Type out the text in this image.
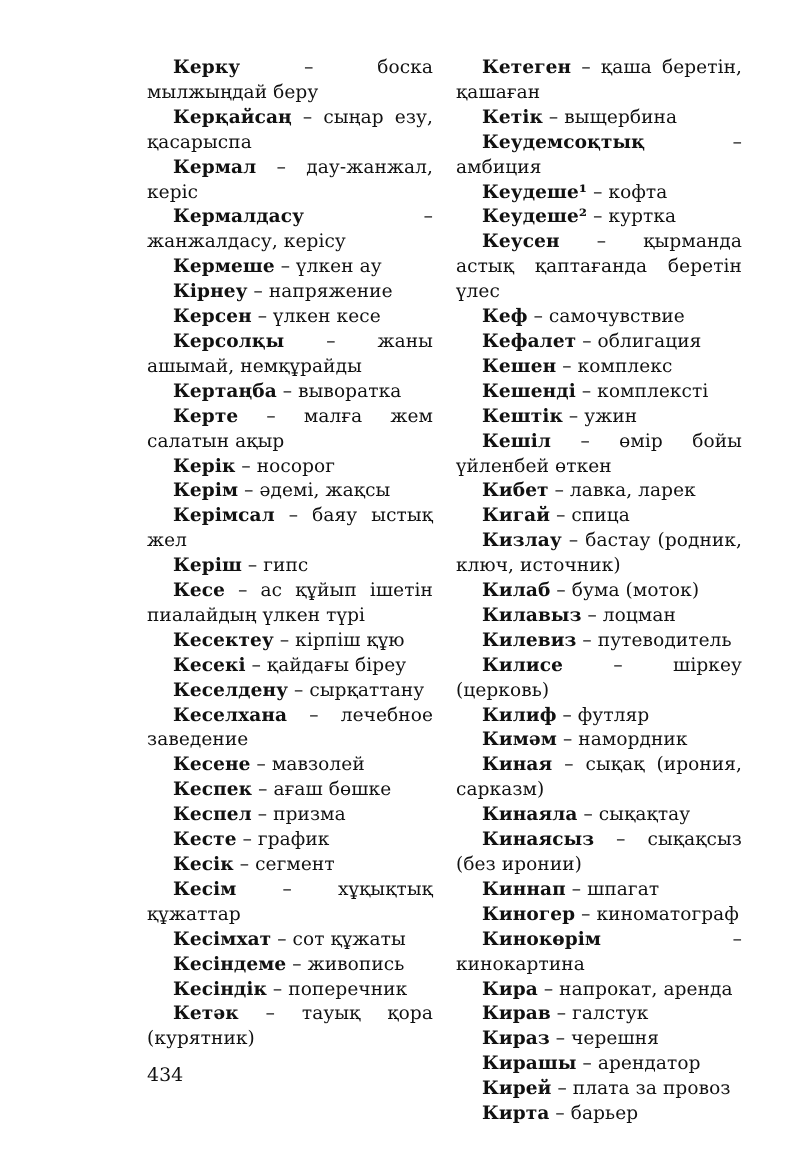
Керку – боска мылжыңдай беру

Керқайсаң – сыңар езу, қасарыспа

Кермал – дау-жанжал, керіс

Кермалдасу – жанжалдасу, керісу

Кермеше – үлкен ау

Кірнеу – напряжение

Керсен – үлкен кесе

Керсолқы – жаны ашымай, немқұрайды

Кертаңба – выворатка

Керте – малға жем салатын ақыр

Керік – носорог

Керім – әдемі, жақсы

Керімсал – баяу ыстық жел

Керіш – гипс

Кесе – ас құйып ішетін пиалайдың үлкен түрі

Кесектеу – кірпіш құю

Кесекі – қайдағы біреу

Кеселдену – сырқаттану

Кеселхана – лечебное заведение

Кесене – мавзолей

Кеспек – ағаш бөшке

Кеспел – призма

Кесте – график

Кесік – сегмент

Кесім – хұқықтық құжаттар

Кесімхат – сот құжаты

Кесіндеме – живопись

Кесіндік – поперечник

Кетәк – тауық қора (курятник)

Кетеген – қаша беретін, қашаған

Кетік – выщербина

Кеудемсоқтық – амбиция

Кеудеше¹ – кофта

Кеудеше² – куртка

Кеусен – қырманда астық қаптағанда беретін үлес

Кеф – самочувствие

Кефалет – облигация

Кешен – комплекс

Кешенді – комплексті

Кештік – ужин

Кешіл – өмір бойы үйленбей өткен

Кибет – лавка, ларек

Кигай – спица

Кизлау – бастау (родник, ключ, источник)

Килаб – бума (моток)

Килавыз – лоцман

Килевиз – путеводитель

Килисе – шіркеу (церковь)

Килиф – футляр

Кимәм – намордник

Киная – сықақ (ирония, сарказм)

Кинаяла – сықақтау

Кинаясыз – сықақсыз (без иронии)

Киннап – шпагат

Киногер – киноматограф

Кинокөрім – кинокартина

Кира – напрокат, аренда

Кирав – галстук

Кираз – черешня

Кирашы – арендатор

Кирей – плата за провоз

Кирта – барьер

434
